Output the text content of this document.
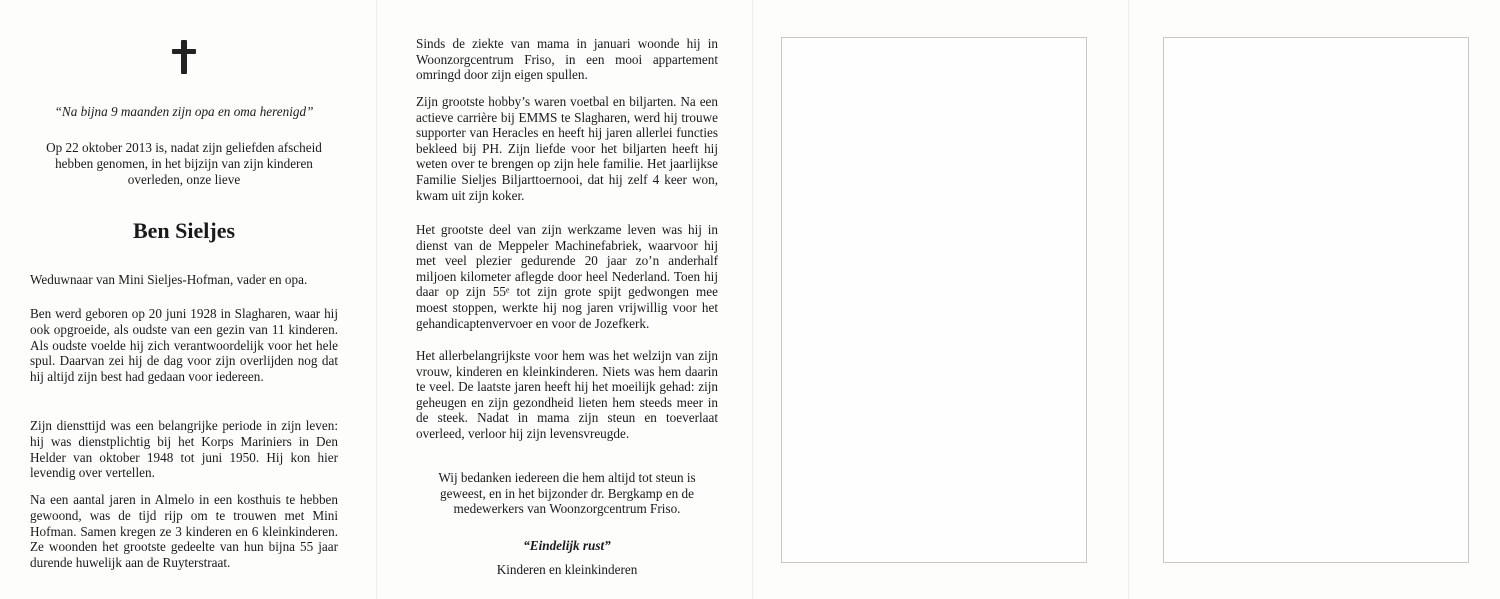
“Na bijna 9 maanden zijn opa en oma herenigd”
Op 22 oktober 2013 is, nadat zijn geliefden afscheid hebben genomen, in het bijzijn van zijn kinderen overleden, onze lieve
Ben Sieljes

Weduwnaar van Mini Sieljes-Hofman, vader en opa.

Ben werd geboren op 20 juni 1928 in Slagharen, waar hij ook opgroeide, als oudste van een gezin van 11 kinderen. Als oudste voelde hij zich verantwoordelijk voor het hele spul. Daarvan zei hij de dag voor zijn overlijden nog dat hij altijd zijn best had gedaan voor iedereen.

Zijn diensttijd was een belangrijke periode in zijn leven: hij was dienstplichtig bij het Korps Mariniers in Den Helder van oktober 1948 tot juni 1950. Hij kon hier levendig over vertellen.

Na een aantal jaren in Almelo in een kosthuis te hebben gewoond, was de tijd rijp om te trouwen met Mini Hofman. Samen kregen ze 3 kinderen en 6 kleinkinderen. Ze woonden het grootste gedeelte van hun bijna 55 jaar durende huwelijk aan de Ruyterstraat.

Sinds de ziekte van mama in januari woonde hij in Woonzorgcentrum Friso, in een mooi appartement omringd door zijn eigen spullen.

Zijn grootste hobby’s waren voetbal en biljarten. Na een actieve carrière bij EMMS te Slagharen, werd hij trouwe supporter van Heracles en heeft hij jaren allerlei functies bekleed bij PH. Zijn liefde voor het biljarten heeft hij weten over te brengen op zijn hele familie. Het jaarlijkse Familie Sieljes Biljarttoernooi, dat hij zelf 4 keer won, kwam uit zijn koker.

Het grootste deel van zijn werkzame leven was hij in dienst van de Meppeler Machinefabriek, waarvoor hij met veel plezier gedurende 20 jaar zo’n anderhalf miljoen kilometer aflegde door heel Nederland. Toen hij daar op zijn 55ᵉ tot zijn grote spijt gedwongen mee moest stoppen, werkte hij nog jaren vrijwillig voor het gehandicaptenvervoer en voor de Jozefkerk.

Het allerbelangrijkste voor hem was het welzijn van zijn vrouw, kinderen en kleinkinderen. Niets was hem daarin te veel. De laatste jaren heeft hij het moeilijk gehad: zijn geheugen en zijn gezondheid lieten hem steeds meer in de steek. Nadat in mama zijn steun en toeverlaat overleed, verloor hij zijn levensvreugde.

Wij bedanken iedereen die hem altijd tot steun is geweest, en in het bijzonder dr. Bergkamp en de medewerkers van Woonzorgcentrum Friso.
“Eindelijk rust”
Kinderen en kleinkinderen
